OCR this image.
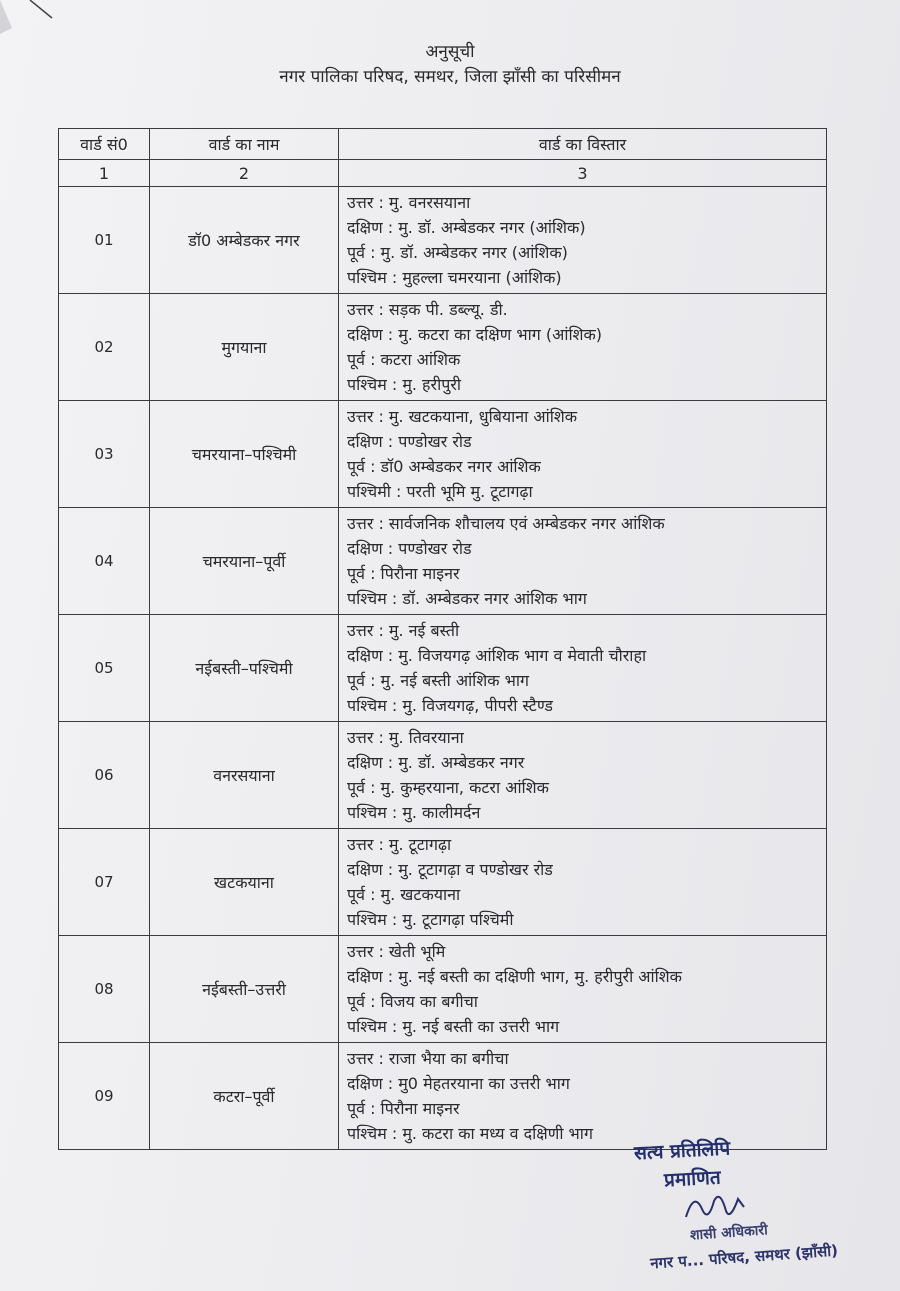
अनुसूची
नगर पालिका परिषद, समथर, जिला झाँसी का परिसीमन
वार्ड सं0	वार्ड का नाम	वार्ड का विस्तार
1	2	3
01	डॉ0 अम्बेडकर नगर	उत्तर : मु. वनरसयाना
दक्षिण : मु. डॉ. अम्बेडकर नगर (आंशिक)
पूर्व : मु. डॉ. अम्बेडकर नगर (आंशिक)
पश्चिम : मुहल्ला चमरयाना (आंशिक)

02	मुगयाना	उत्तर : सड़क पी. डब्ल्यू. डी.
दक्षिण : मु. कटरा का दक्षिण भाग (आंशिक)
पूर्व : कटरा आंशिक
पश्चिम : मु. हरीपुरी

03	चमरयाना–पश्चिमी	उत्तर : मु. खटकयाना, धुबियाना आंशिक
दक्षिण : पण्डोखर रोड
पूर्व : डॉ0 अम्बेडकर नगर आंशिक
पश्चिमी : परती भूमि मु. टूटागढ़ा

04	चमरयाना–पूर्वी	उत्तर : सार्वजनिक शौचालय एवं अम्बेडकर नगर आंशिक
दक्षिण : पण्डोखर रोड
पूर्व : पिरौना माइनर
पश्चिम : डॉ. अम्बेडकर नगर आंशिक भाग

05	नईबस्ती–पश्चिमी	उत्तर : मु. नई बस्ती
दक्षिण : मु. विजयगढ़ आंशिक भाग व मेवाती चौराहा
पूर्व : मु. नई बस्ती आंशिक भाग
पश्चिम : मु. विजयगढ़, पीपरी स्टैण्ड

06	वनरसयाना	उत्तर : मु. तिवरयाना
दक्षिण : मु. डॉ. अम्बेडकर नगर
पूर्व : मु. कुम्हरयाना, कटरा आंशिक
पश्चिम : मु. कालीमर्दन

07	खटकयाना	उत्तर : मु. टूटागढ़ा
दक्षिण : मु. टूटागढ़ा व पण्डोखर रोड
पूर्व : मु. खटकयाना
पश्चिम : मु. टूटागढ़ा पश्चिमी

08	नईबस्ती–उत्तरी	उत्तर : खेती भूमि
दक्षिण : मु. नई बस्ती का दक्षिणी भाग, मु. हरीपुरी आंशिक
पूर्व : विजय का बगीचा
पश्चिम : मु. नई बस्ती का उत्तरी भाग

09	कटरा–पूर्वी	उत्तर : राजा भैया का बगीचा
दक्षिण : मु0 मेहतरयाना का उत्तरी भाग
पूर्व : पिरौना माइनर
पश्चिम : मु. कटरा का मध्य व दक्षिणी भाग
सत्य प्रतिलिपि
प्रमाणित
शासी अधिकारी
नगर प... परिषद, समथर (झाँसी)
